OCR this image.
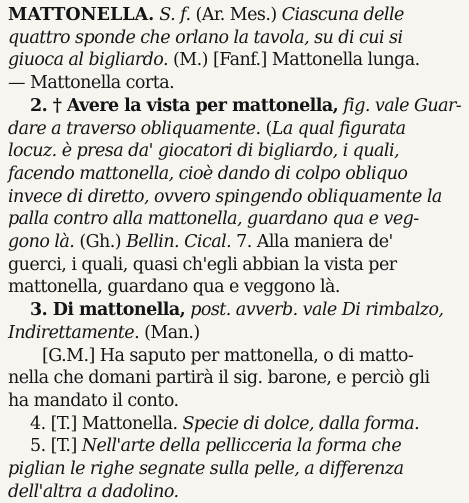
MATTONELLA. S. f. (Ar. Mes.) Ciascuna delle
quattro sponde che orlano la tavola, su di cui si
giuoca al bigliardo. (M.) [Fanf.] Mattonella lunga.
— Mattonella corta.
2. † Avere la vista per mattonella, fig. vale Guar-
dare a traverso obliquamente. (La qual figurata
locuz. è presa da' giocatori di bigliardo, i quali,
facendo mattonella, cioè dando di colpo obliquo
invece di diretto, ovvero spingendo obliquamente la
palla contro alla mattonella, guardano qua e veg-
gono là. (Gh.) Bellin. Cical. 7. Alla maniera de'
guerci, i quali, quasi ch'egli abbian la vista per
mattonella, guardano qua e veggono là.
3. Di mattonella, post. avverb. vale Di rimbalzo,
Indirettamente. (Man.)
[G.M.] Ha saputo per mattonella, o di matto-
nella che domani partirà il sig. barone, e perciò gli
ha mandato il conto.
4. [T.] Mattonella. Specie di dolce, dalla forma.
5. [T.] Nell'arte della pellicceria la forma che
piglian le righe segnate sulla pelle, a differenza
dell'altra a dadolino.
